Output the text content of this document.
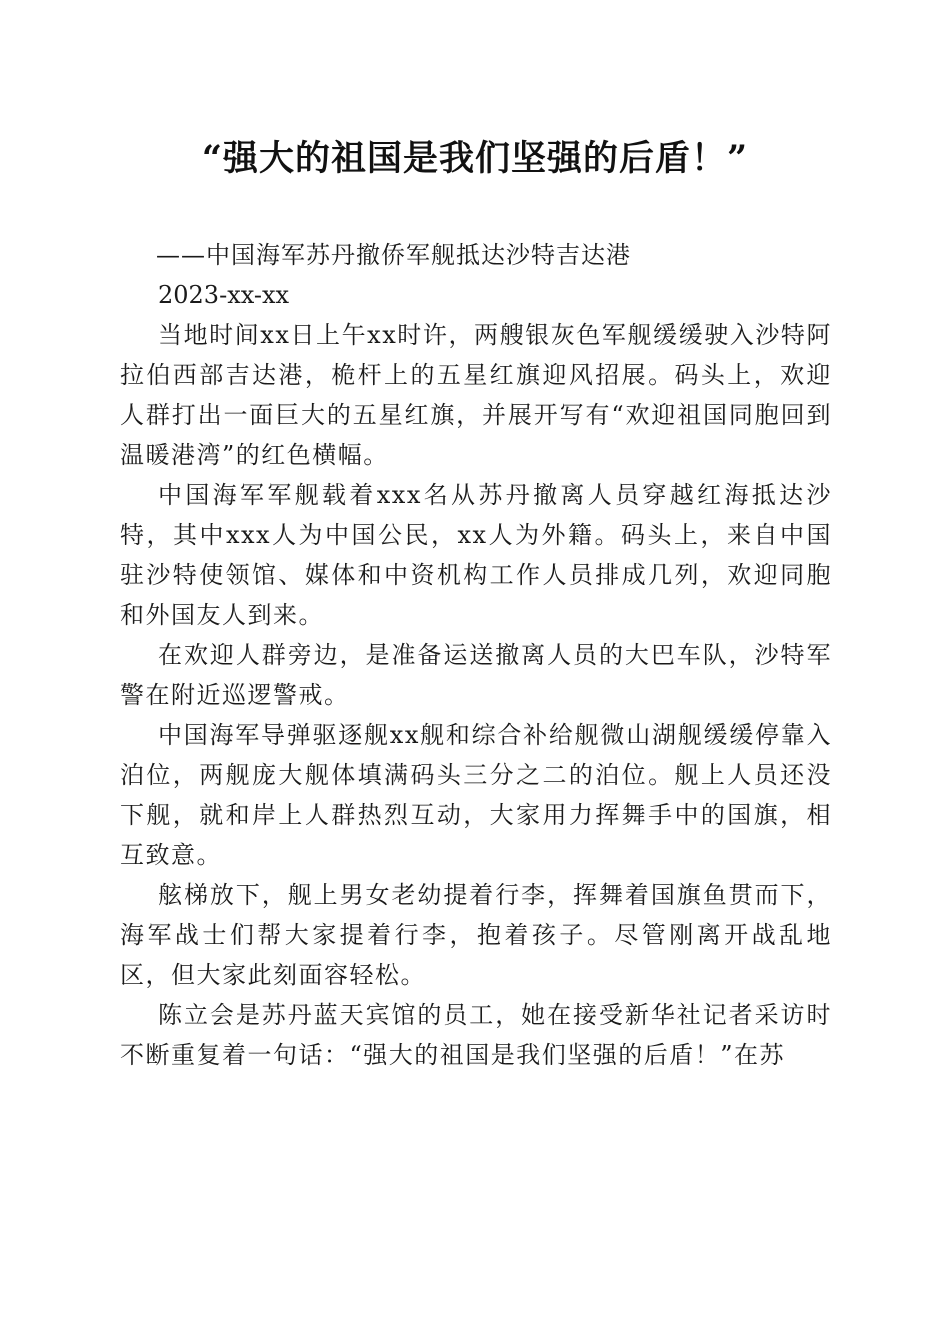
“强大的祖国是我们坚强的后盾！”
——中国海军苏丹撤侨军舰抵达沙特吉达港
2023-xx-xx
当地时间xx日上午xx时许，两艘银灰色军舰缓缓驶入沙特阿拉伯西部吉达港，桅杆上的五星红旗迎风招展。码头上，欢迎人群打出一面巨大的五星红旗，并展开写有“欢迎祖国同胞回到温暖港湾”的红色横幅。
中国海军军舰载着xxx名从苏丹撤离人员穿越红海抵达沙特，其中xxx人为中国公民，xx人为外籍。码头上，来自中国驻沙特使领馆、媒体和中资机构工作人员排成几列，欢迎同胞和外国友人到来。
在欢迎人群旁边，是准备运送撤离人员的大巴车队，沙特军警在附近巡逻警戒。
中国海军导弹驱逐舰xx舰和综合补给舰微山湖舰缓缓停靠入泊位，两舰庞大舰体填满码头三分之二的泊位。舰上人员还没下舰，就和岸上人群热烈互动，大家用力挥舞手中的国旗，相互致意。
舷梯放下，舰上男女老幼提着行李，挥舞着国旗鱼贯而下，海军战士们帮大家提着行李，抱着孩子。尽管刚离开战乱地区，但大家此刻面容轻松。
陈立会是苏丹蓝天宾馆的员工，她在接受新华社记者采访时不断重复着一句话：“强大的祖国是我们坚强的后盾！”在苏
